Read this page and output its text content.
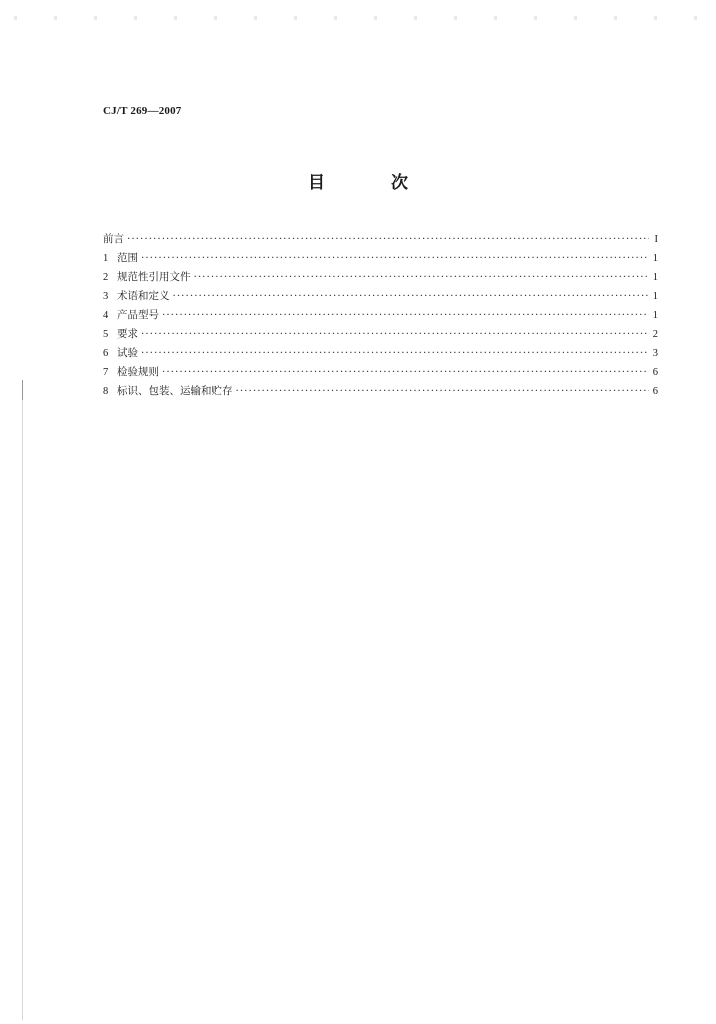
CJ/T 269—2007
目 次
前言 ·····	I
1 范围 ·····	1
2 规范性引用文件 ·····	1
3 术语和定义 ·····	1
4 产品型号 ·····	1
5 要求 ·····	2
6 试验 ·····	3
7 检验规则 ·····	6
8 标识、包装、运输和贮存 ·····	6
